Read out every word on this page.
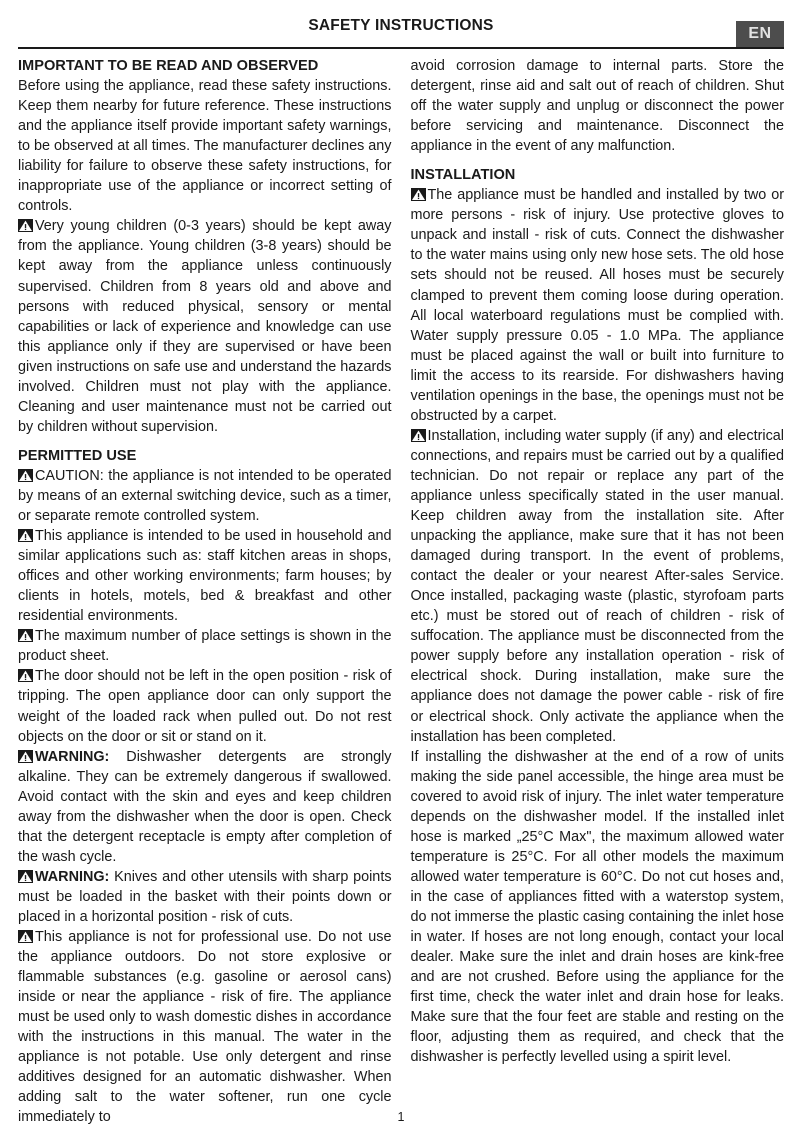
SAFETY INSTRUCTIONS	EN
IMPORTANT TO BE READ AND OBSERVED

Before using the appliance, read these safety instructions. Keep them nearby for future reference. These instructions and the appliance itself provide important safety warnings, to be observed at all times. The manufacturer declines any liability for failure to observe these safety instructions, for inappropriate use of the appliance or incorrect setting of controls.

Very young children (0-3 years) should be kept away from the appliance. Young children (3-8 years) should be kept away from the appliance unless continuously supervised. Children from 8 years old and above and persons with reduced physical, sensory or mental capabilities or lack of experience and knowledge can use this appliance only if they are supervised or have been given instructions on safe use and understand the hazards involved. Children must not play with the appliance. Cleaning and user maintenance must not be carried out by children without supervision.

PERMITTED USE

CAUTION: the appliance is not intended to be operated by means of an external switching device, such as a timer, or separate remote controlled system.

This appliance is intended to be used in household and similar applications such as: staff kitchen areas in shops, offices and other working environments; farm houses; by clients in hotels, motels, bed & breakfast and other residential environments.

The maximum number of place settings is shown in the product sheet.

The door should not be left in the open position - risk of tripping. The open appliance door can only support the weight of the loaded rack when pulled out. Do not rest objects on the door or sit or stand on it.

WARNING: Dishwasher detergents are strongly alkaline. They can be extremely dangerous if swallowed. Avoid contact with the skin and eyes and keep children away from the dishwasher when the door is open. Check that the detergent receptacle is empty after completion of the wash cycle.

WARNING: Knives and other utensils with sharp points must be loaded in the basket with their points down or placed in a horizontal position - risk of cuts.

This appliance is not for professional use. Do not use the appliance outdoors. Do not store explosive or flammable substances (e.g. gasoline or aerosol cans) inside or near the appliance - risk of fire. The appliance must be used only to wash domestic dishes in accordance with the instructions in this manual. The water in the appliance is not potable. Use only detergent and rinse additives designed for an automatic dishwasher. When adding salt to the water softener, run one cycle immediately to

avoid corrosion damage to internal parts. Store the detergent, rinse aid and salt out of reach of children. Shut off the water supply and unplug or disconnect the power before servicing and maintenance. Disconnect the appliance in the event of any malfunction.

INSTALLATION

The appliance must be handled and installed by two or more persons - risk of injury. Use protective gloves to unpack and install - risk of cuts. Connect the dishwasher to the water mains using only new hose sets. The old hose sets should not be reused. All hoses must be securely clamped to prevent them coming loose during operation. All local waterboard regulations must be complied with. Water supply pressure 0.05 - 1.0 MPa. The appliance must be placed against the wall or built into furniture to limit the access to its rearside. For dishwashers having ventilation openings in the base, the openings must not be obstructed by a carpet.

Installation, including water supply (if any) and electrical connections, and repairs must be carried out by a qualified technician. Do not repair or replace any part of the appliance unless specifically stated in the user manual. Keep children away from the installation site. After unpacking the appliance, make sure that it has not been damaged during transport. In the event of problems, contact the dealer or your nearest After-sales Service. Once installed, packaging waste (plastic, styrofoam parts etc.) must be stored out of reach of children - risk of suffocation. The appliance must be disconnected from the power supply before any installation operation - risk of electrical shock. During installation, make sure the appliance does not damage the power cable - risk of fire or electrical shock. Only activate the appliance when the installation has been completed.

If installing the dishwasher at the end of a row of units making the side panel accessible, the hinge area must be covered to avoid risk of injury. The inlet water temperature depends on the dishwasher model. If the installed inlet hose is marked „25°C Max", the maximum allowed water temperature is 25°C. For all other models the maximum allowed water temperature is 60°C. Do not cut hoses and, in the case of appliances fitted with a waterstop system, do not immerse the plastic casing containing the inlet hose in water. If hoses are not long enough, contact your local dealer. Make sure the inlet and drain hoses are kink-free and are not crushed. Before using the appliance for the first time, check the water inlet and drain hose for leaks. Make sure that the four feet are stable and resting on the floor, adjusting them as required, and check that the dishwasher is perfectly levelled using a spirit level.

1
